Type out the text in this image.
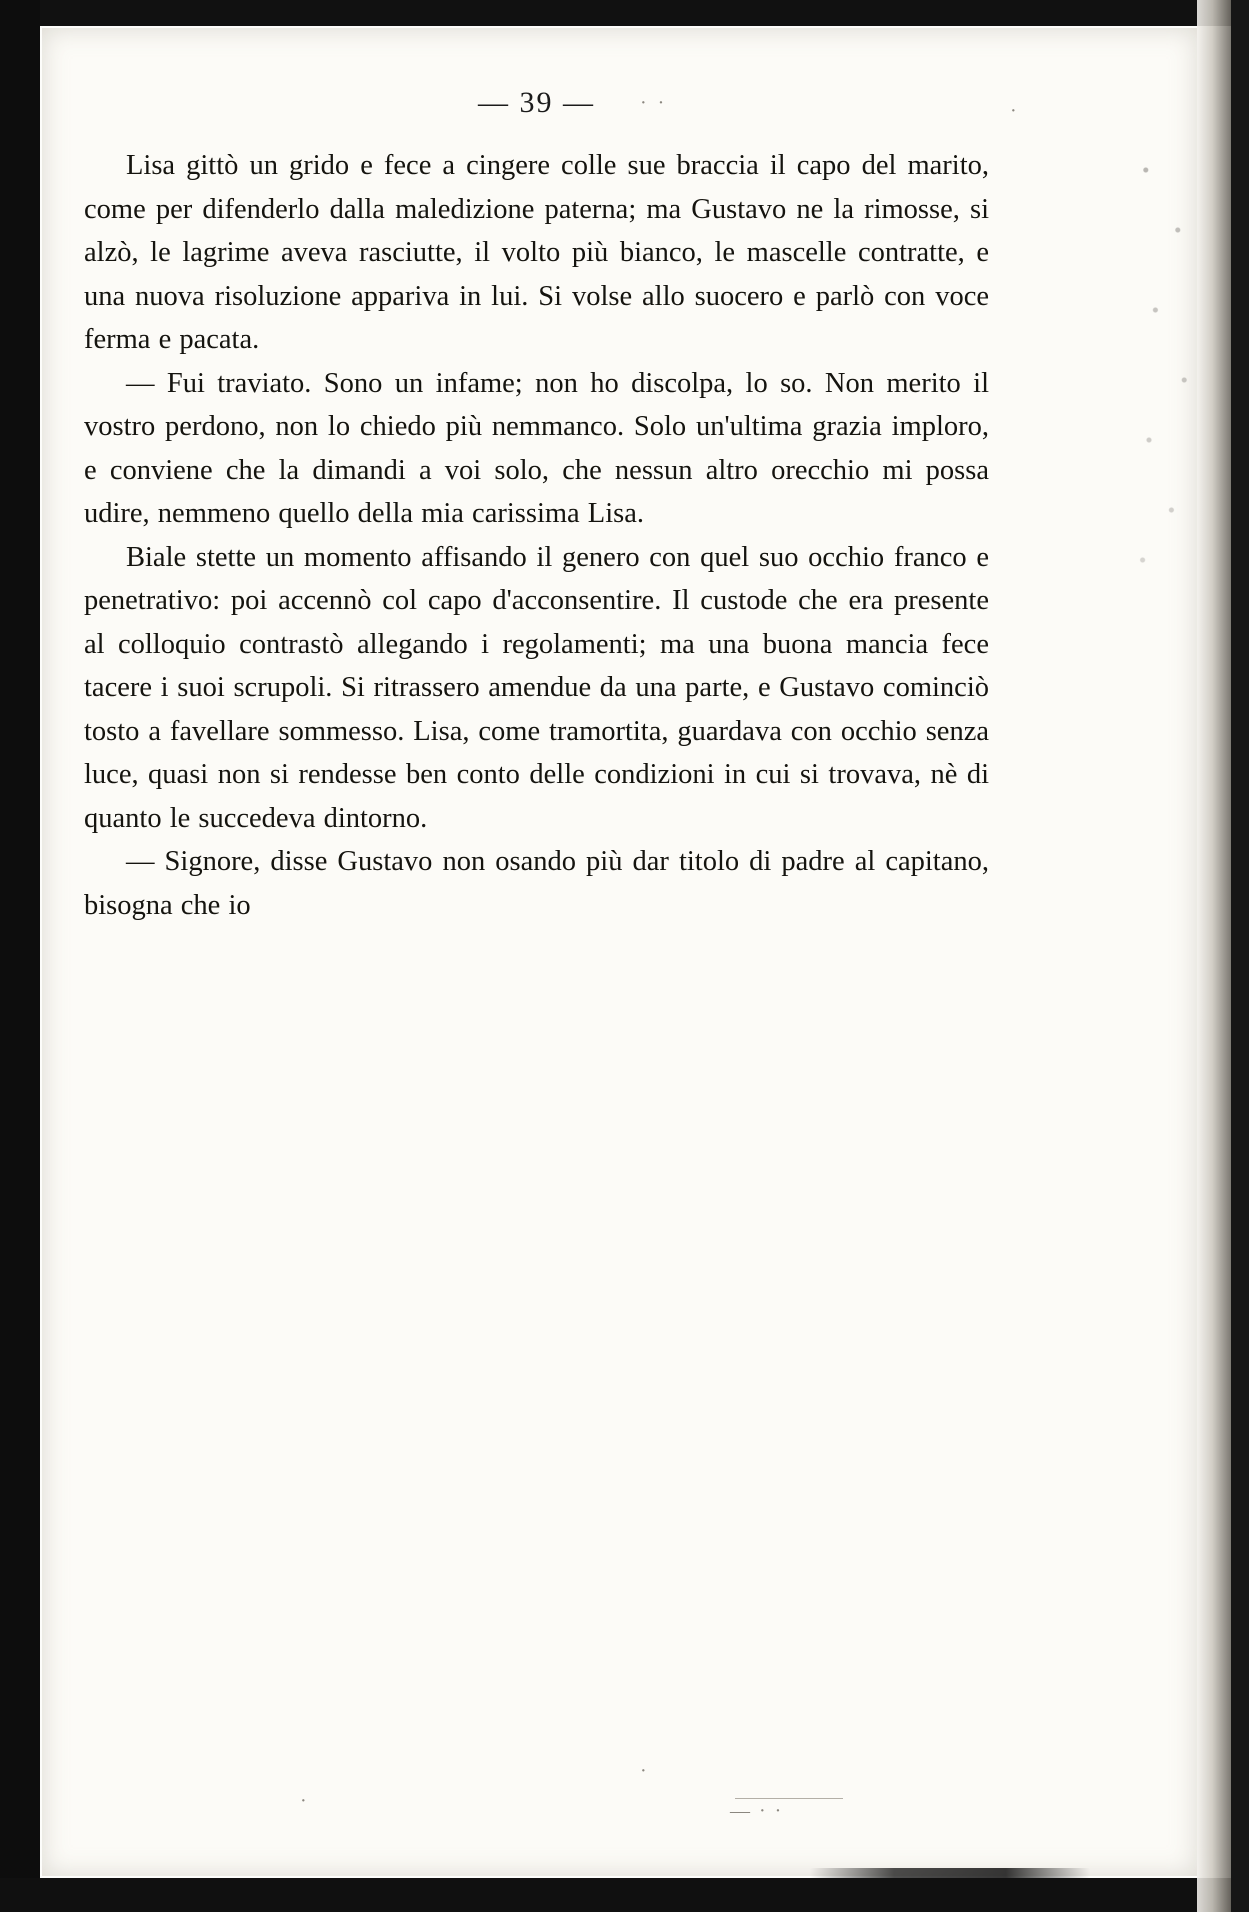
· ·	·
·
·
— · ·
— 39 —

Lisa gittò un grido e fece a cingere colle sue braccia il capo del marito, come per difenderlo dalla maledizione paterna; ma Gustavo ne la rimosse, si alzò, le lagrime aveva rasciutte, il volto più bianco, le mascelle contratte, e una nuova risoluzione appariva in lui. Si volse allo suocero e parlò con voce ferma e pacata.

— Fui traviato. Sono un infame; non ho discolpa, lo so. Non merito il vostro perdono, non lo chiedo più nemmanco. Solo un'ultima grazia imploro, e conviene che la dimandi a voi solo, che nessun altro orecchio mi possa udire, nemmeno quello della mia carissima Lisa.

Biale stette un momento affisando il genero con quel suo occhio franco e penetrativo: poi accennò col capo d'acconsentire. Il custode che era presente al colloquio contrastò allegando i regolamenti; ma una buona mancia fece tacere i suoi scrupoli. Si ritrassero amendue da una parte, e Gustavo cominciò tosto a favellare sommesso. Lisa, come tramortita, guardava con occhio senza luce, quasi non si rendesse ben conto delle condizioni in cui si trovava, nè di quanto le succedeva dintorno.

— Signore, disse Gustavo non osando più dar titolo di padre al capitano, bisogna che io
